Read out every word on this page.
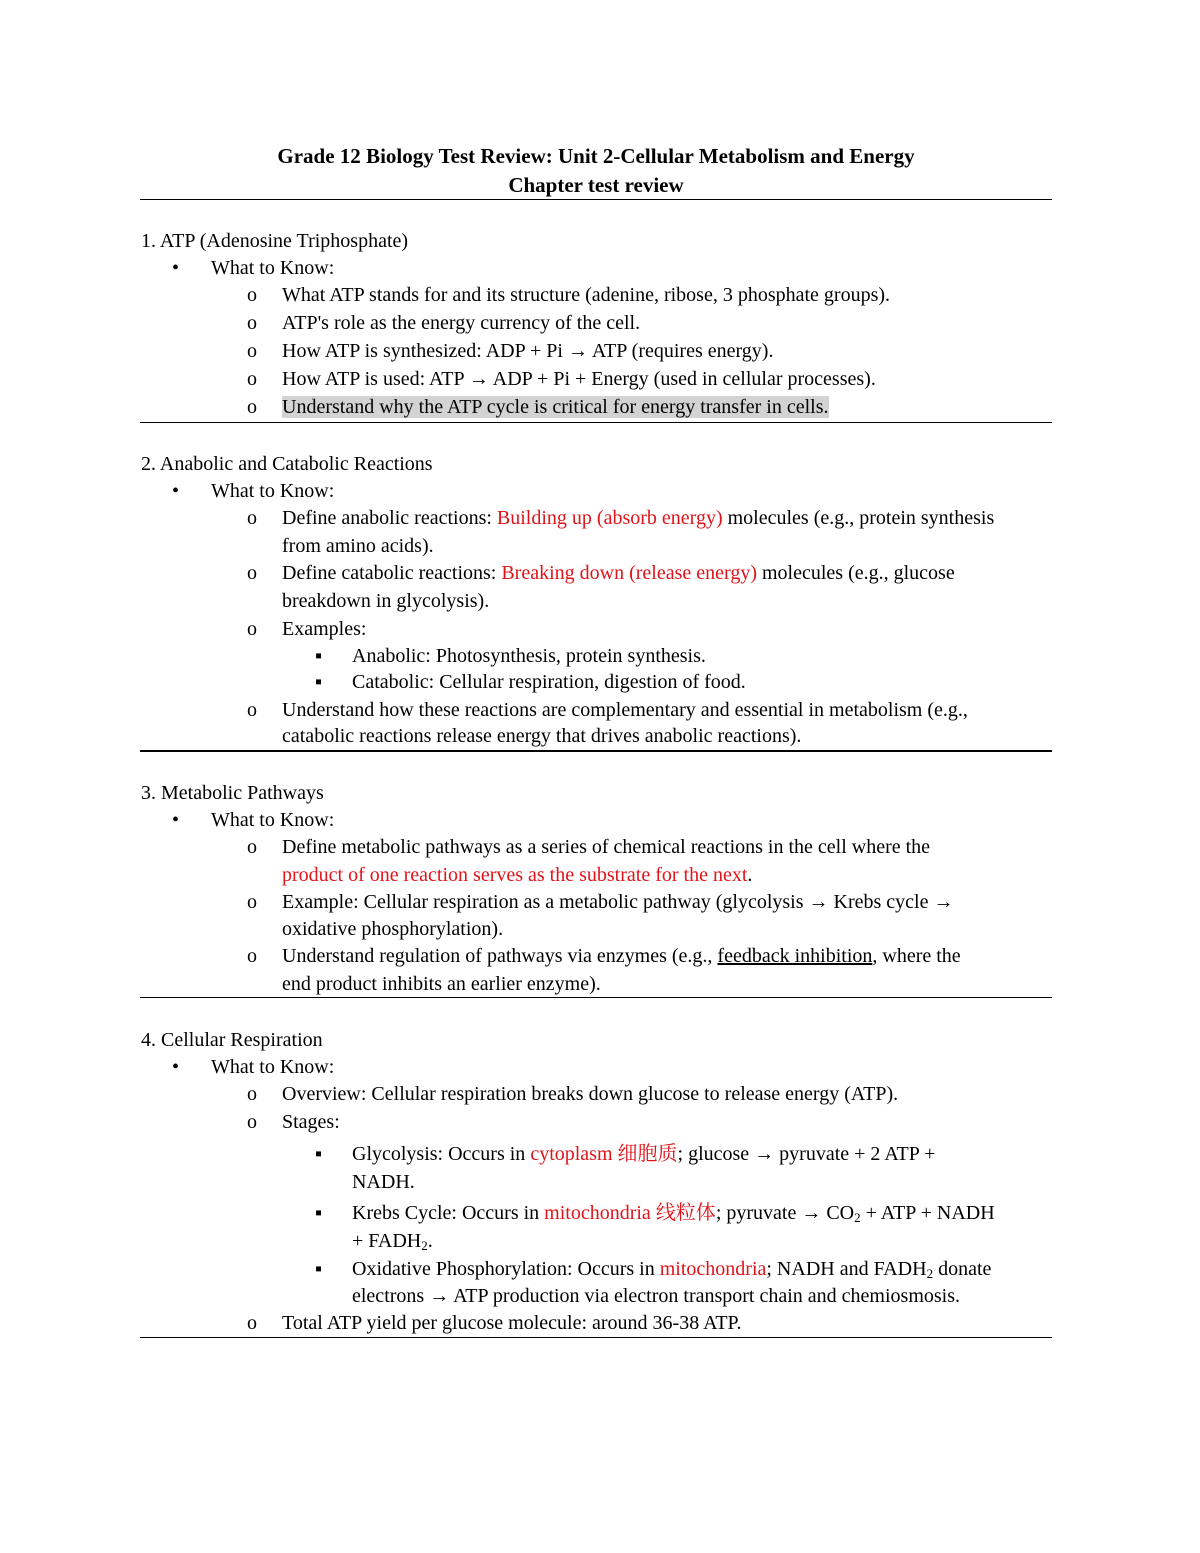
Grade 12 Biology Test Review: Unit 2-Cellular Metabolism and Energy
Chapter test review
1. ATP (Adenosine Triphosphate)
• What to Know:
o What ATP stands for and its structure (adenine, ribose, 3 phosphate groups).
o ATP's role as the energy currency of the cell.
o How ATP is synthesized: ADP + Pi → ATP (requires energy).
o How ATP is used: ATP → ADP + Pi + Energy (used in cellular processes).
o Understand why the ATP cycle is critical for energy transfer in cells.
2. Anabolic and Catabolic Reactions
• What to Know:
o Define anabolic reactions: Building up (absorb energy) molecules (e.g., protein synthesis
from amino acids).
o Define catabolic reactions: Breaking down (release energy) molecules (e.g., glucose
breakdown in glycolysis).
o Examples:
▪ Anabolic: Photosynthesis, protein synthesis.
▪ Catabolic: Cellular respiration, digestion of food.
o Understand how these reactions are complementary and essential in metabolism (e.g.,
catabolic reactions release energy that drives anabolic reactions).
3. Metabolic Pathways
• What to Know:
o Define metabolic pathways as a series of chemical reactions in the cell where the
product of one reaction serves as the substrate for the next.
o Example: Cellular respiration as a metabolic pathway (glycolysis → Krebs cycle →
oxidative phosphorylation).
o Understand regulation of pathways via enzymes (e.g., feedback inhibition, where the
end product inhibits an earlier enzyme).
4. Cellular Respiration
• What to Know:
o Overview: Cellular respiration breaks down glucose to release energy (ATP).
o Stages:
▪ Glycolysis: Occurs in cytoplasm 细胞质; glucose → pyruvate + 2 ATP +
NADH.
▪ Krebs Cycle: Occurs in mitochondria 线粒体; pyruvate → $CO_2$ + ATP + NADH
+ $FADH_2$.
▪ Oxidative Phosphorylation: Occurs in mitochondria; NADH and $FADH_2$ donate
electrons → ATP production via electron transport chain and chemiosmosis.
o Total ATP yield per glucose molecule: around 36-38 ATP.
